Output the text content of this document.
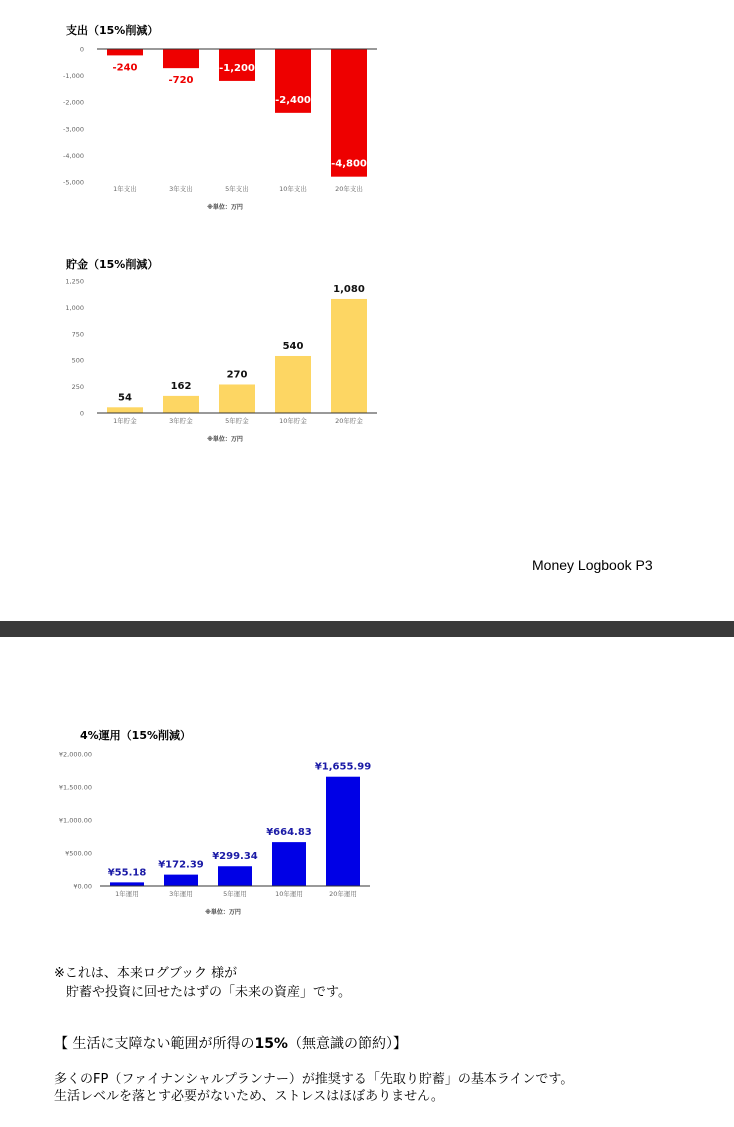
支出（15%削減）
0
-1,000
-2,000
-3,000
-4,000
-5,000
-240
1年支出
-720
3年支出
-1,200
5年支出
-2,400
10年支出
-4,800
20年支出
※単位：万円
貯金（15%削減）
0
250
500
750
1,000
1,250
54
1年貯金
162
3年貯金
270
5年貯金
540
10年貯金
1,080
20年貯金
※単位：万円
Money Logbook P3
4%運用（15%削減）
¥0.00
¥500.00
¥1,000.00
¥1,500.00
¥2,000.00
¥55.18
1年運用
¥172.39
3年運用
¥299.34
5年運用
¥664.83
10年運用
¥1,655.99
20年運用
※単位：万円
※これは、本来ログブック 様が
貯蓄や投資に回せたはずの「未来の資産」です。
【 生活に支障ない範囲が所得の15%（無意識の節約）】
多くのFP（ファイナンシャルプランナー）が推奨する「先取り貯蓄」の基本ラインです。
生活レベルを落とす必要がないため、ストレスはほぼありません。
